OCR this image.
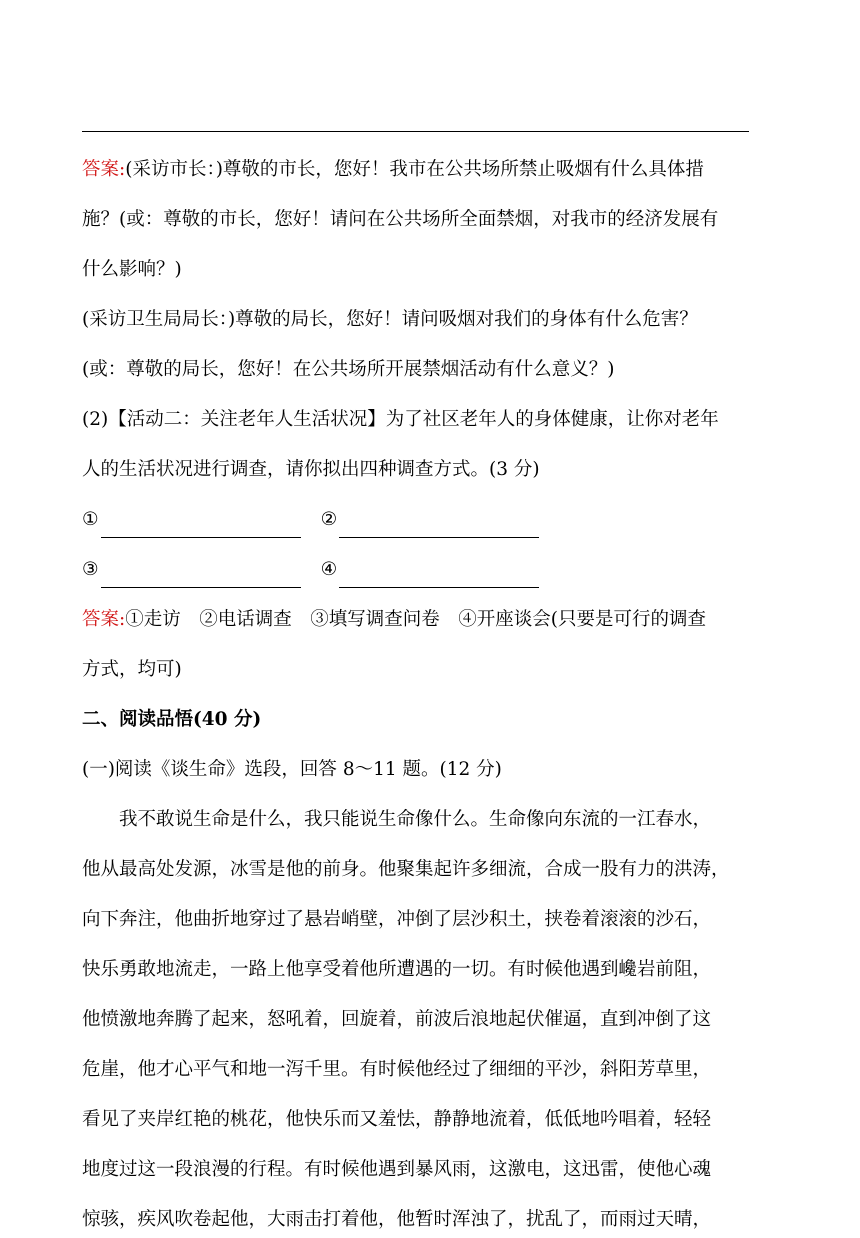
答案:(采访市长：)尊敬的市长，您好！我市在公共场所禁止吸烟有什么具体措

施？(或：尊敬的市长，您好！请问在公共场所全面禁烟，对我市的经济发展有

什么影响？)

(采访卫生局局长：)尊敬的局长，您好！请问吸烟对我们的身体有什么危害？

(或：尊敬的局长，您好！在公共场所开展禁烟活动有什么意义？)

(2)【活动二：关注老年人生活状况】为了社区老年人的身体健康，让你对老年

人的生活状况进行调查，请你拟出四种调查方式。(3 分)

①	②
③	④

答案:①走访　②电话调查　③填写调查问卷　④开座谈会(只要是可行的调查

方式，均可)

二、阅读品悟(40 分)

(一)阅读《谈生命》选段，回答 8～11 题。(12 分)

我不敢说生命是什么，我只能说生命像什么。生命像向东流的一江春水，

他从最高处发源，冰雪是他的前身。他聚集起许多细流，合成一股有力的洪涛，

向下奔注，他曲折地穿过了悬岩峭壁，冲倒了层沙积土，挟卷着滚滚的沙石，

快乐勇敢地流走，一路上他享受着他所遭遇的一切。有时候他遇到巉岩前阻，

他愤激地奔腾了起来，怒吼着，回旋着，前波后浪地起伏催逼，直到冲倒了这

危崖，他才心平气和地一泻千里。有时候他经过了细细的平沙，斜阳芳草里，

看见了夹岸红艳的桃花，他快乐而又羞怯，静静地流着，低低地吟唱着，轻轻

地度过这一段浪漫的行程。有时候他遇到暴风雨，这激电，这迅雷，使他心魂

惊骇，疾风吹卷起他，大雨击打着他，他暂时浑浊了，扰乱了，而雨过天晴，
